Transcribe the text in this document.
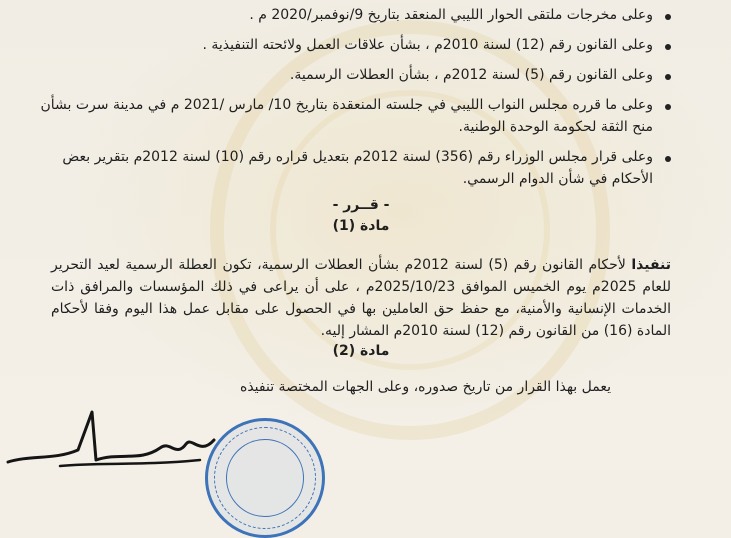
وعلى مخرجات ملتقى الحوار الليبي المنعقد بتاريخ 9/نوفمبر/2020 م .

وعلى القانون رقم (12) لسنة 2010م ، بشأن علاقات العمل ولائحته التنفيذية .

وعلى القانون رقم (5) لسنة 2012م ، بشأن العطلات الرسمية.

وعلى ما قرره مجلس النواب الليبي في جلسته المنعقدة بتاريخ 10/ مارس /2021 م في مدينة سرت بشأن منح الثقة لحكومة الوحدة الوطنية.

وعلى قرار مجلس الوزراء رقم (356) لسنة 2012م بتعديل قراره رقم (10) لسنة 2012م بتقرير بعض الأحكام في شأن الدوام الرسمي.

- قــرر -
مادة (1)

تنفيذا لأحكام القانون رقم (5) لسنة 2012م بشأن العطلات الرسمية، تكون العطلة الرسمية لعيد التحرير للعام 2025م يوم الخميس الموافق 2025/10/23م ، على أن يراعى في ذلك المؤسسات والمرافق ذات الخدمات الإنسانية والأمنية، مع حفظ حق العاملين بها في الحصول على مقابل عمل هذا اليوم وفقا لأحكام المادة (16) من القانون رقم (12) لسنة 2010م المشار إليه.

مادة (2)

يعمل بهذا القرار من تاريخ صدوره، وعلى الجهات المختصة تنفيذه
